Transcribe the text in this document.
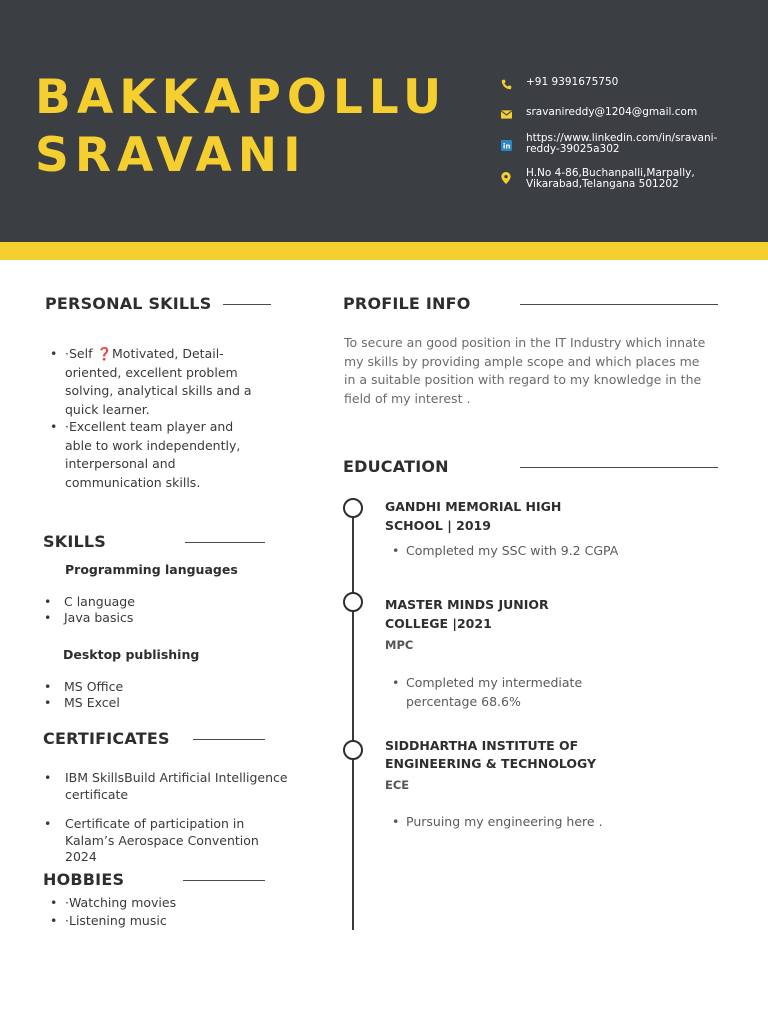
BAKKAPOLLU
SRAVANI
+91 9391675750
sravanireddy@1204@gmail.com
in
https://www.linkedin.com/in/sravani-reddy-39025a302
H.No 4-86,Buchanpalli,Marpally, Vikarabad,Telangana 501202
PERSONAL SKILLS
• ·Self ❓Motivated, Detail-oriented, excellent problem solving, analytical skills and a quick learner.
• ·Excellent team player and able to work independently, interpersonal and communication skills.
SKILLS
Programming languages
•	C language
•	Java basics
Desktop publishing
•	MS Office
•	MS Excel
CERTIFICATES
•	IBM SkillsBuild Artificial Intelligence certificate
•	Certificate of participation in Kalam’s Aerospace Convention 2024
HOBBIES
• ·Watching movies
• ·Listening music
PROFILE INFO
To secure an good position in the IT Industry which innate my skills by providing ample scope and which places me in a suitable position with regard to my knowledge in the field of my interest .
EDUCATION
GANDHI MEMORIAL HIGH SCHOOL | 2019
• Completed my SSC with 9.2 CGPA
MASTER MINDS JUNIOR COLLEGE |2021
MPC
• Completed my intermediate percentage 68.6%
SIDDHARTHA INSTITUTE OF ENGINEERING & TECHNOLOGY
ECE
• Pursuing my engineering here .
